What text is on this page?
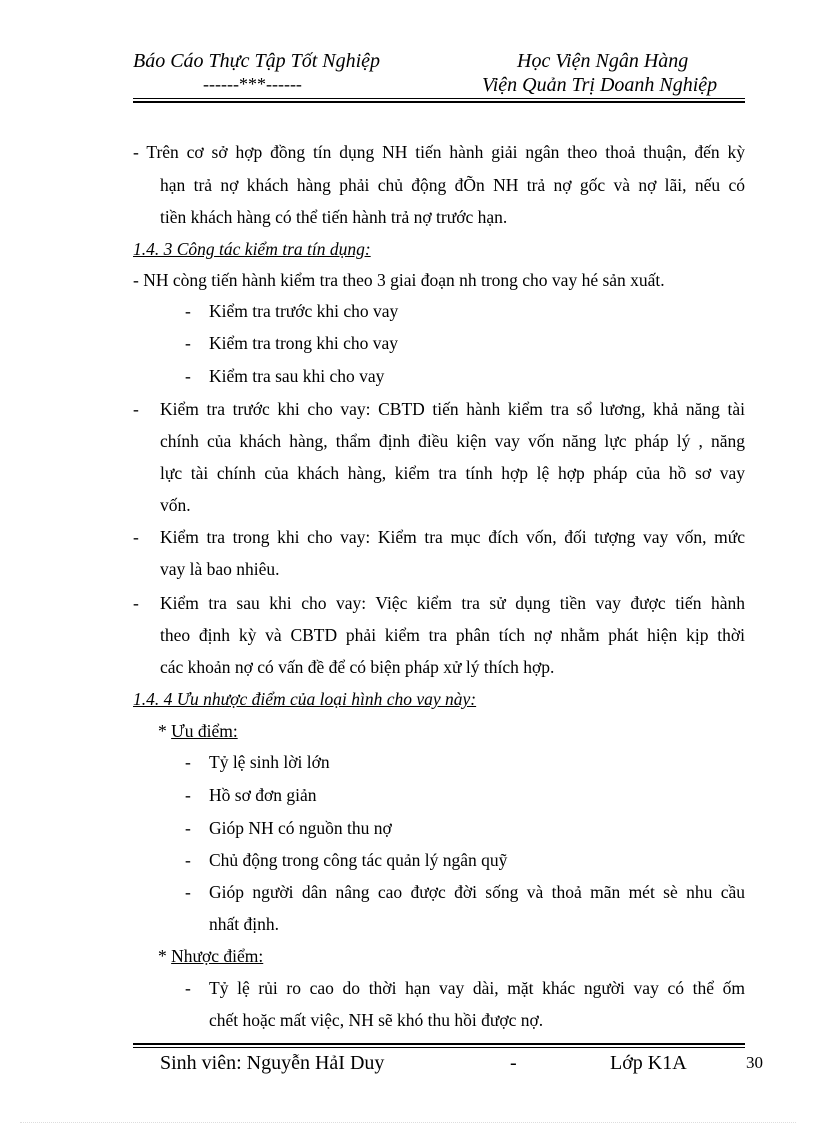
Báo Cáo Thực Tập Tốt Nghiệp
------***------
Học Viện Ngân Hàng
Viện Quản Trị Doanh Nghiệp
- Trên cơ sở hợp đồng tín dụng NH tiến hành giải ngân theo thoả thuận, đến kỳ
hạn trả nợ khách hàng phải chủ động đÕn NH trả nợ gốc và nợ lãi, nếu có
tiền khách hàng có thể tiến hành trả nợ trước hạn.
1.4. 3 Công tác kiểm tra tín dụng:
- NH còng tiến hành kiểm tra theo 3 giai đoạn nh trong cho vay hé sản xuất.
- Kiểm tra trước khi cho vay
- Kiểm tra trong khi cho vay
- Kiểm tra sau khi cho vay
- Kiểm tra trước khi cho vay: CBTD tiến hành kiểm tra sổ lương, khả năng tài
chính của khách hàng, thẩm định điều kiện vay vốn năng lực pháp lý , năng
lực tài chính của khách hàng, kiểm tra tính hợp lệ hợp pháp của hồ sơ vay
vốn.
- Kiểm tra trong khi cho vay: Kiểm tra mục đích vốn, đối tượng vay vốn, mức
vay là bao nhiêu.
- Kiểm tra sau khi cho vay: Việc kiểm tra sử dụng tiền vay được tiến hành
theo định kỳ và CBTD phải kiểm tra phân tích nợ nhằm phát hiện kịp thời
các khoản nợ có vấn đề để có biện pháp xử lý thích hợp.
1.4. 4 Ưu nhược điểm của loại hình cho vay này:
* Ưu điểm:
- Tỷ lệ sinh lời lớn
- Hồ sơ đơn giản
- Gióp NH có nguồn thu nợ
- Chủ động trong công tác quản lý ngân quỹ
- Gióp người dân nâng cao được đời sống và thoả mãn mét sè nhu cầu
nhất định.
* Nhược điểm:
- Tỷ lệ rủi ro cao do thời hạn vay dài, mặt khác người vay có thể ốm
chết hoặc mất việc, NH sẽ khó thu hồi được nợ.
Sinh viên: Nguyễn HảI Duy	-	Lớp K1A	30
